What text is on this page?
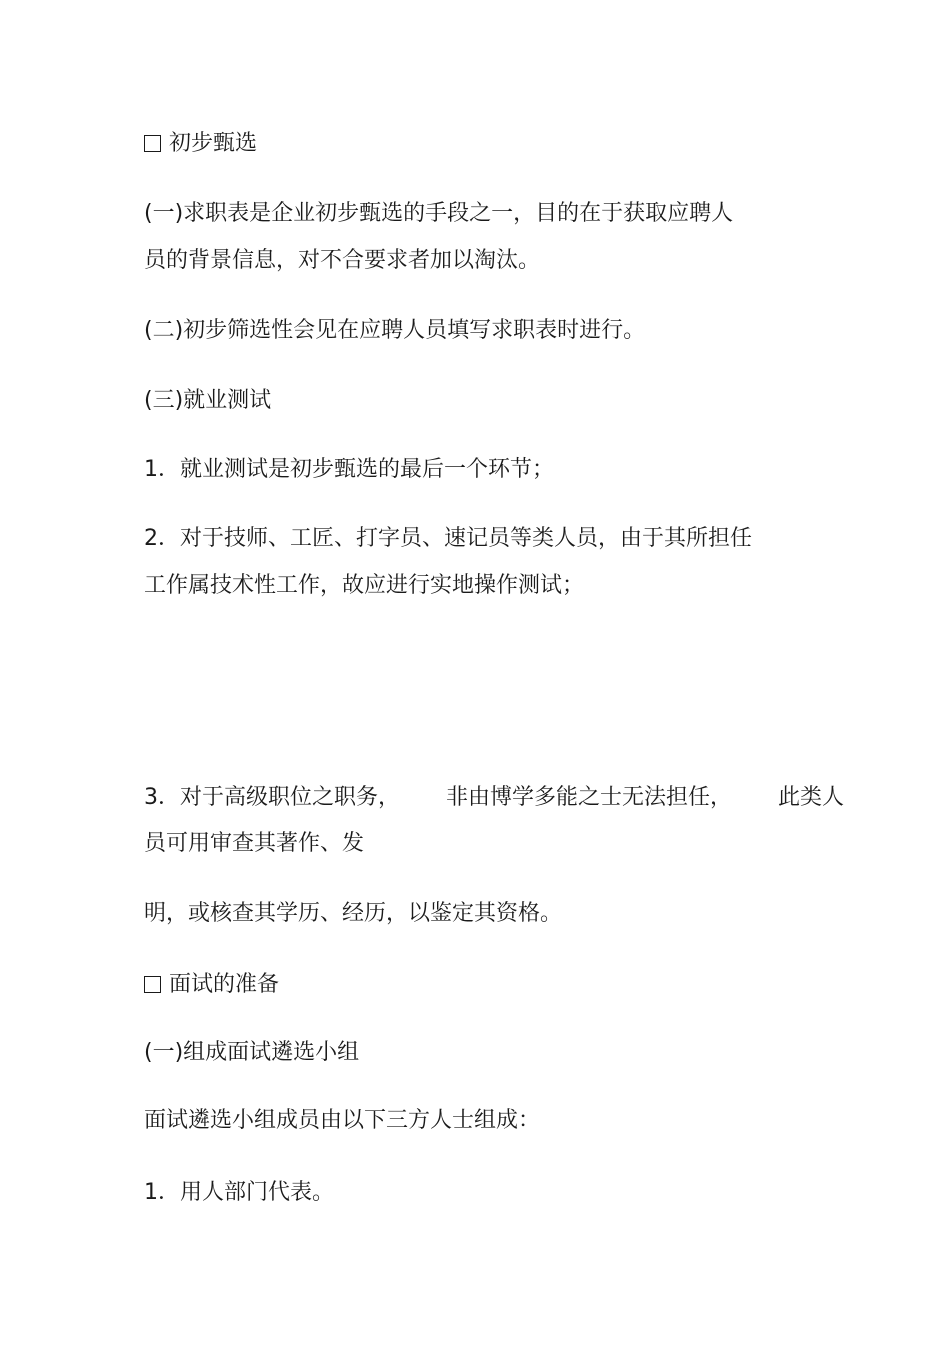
初步甄选
(一)求职表是企业初步甄选的手段之一，目的在于获取应聘人
员的背景信息，对不合要求者加以淘汰。
(二)初步筛选性会见在应聘人员填写求职表时进行。
(三)就业测试
1．就业测试是初步甄选的最后一个环节；
2．对于技师、工匠、打字员、速记员等类人员，由于其所担任
工作属技术性工作，故应进行实地操作测试；
3．对于高级职位之职务， 非由博学多能之士无法担任， 此类人
员可用审查其著作、发
明，或核查其学历、经历，以鉴定其资格。
面试的准备
(一)组成面试遴选小组
面试遴选小组成员由以下三方人士组成：
1．用人部门代表。
